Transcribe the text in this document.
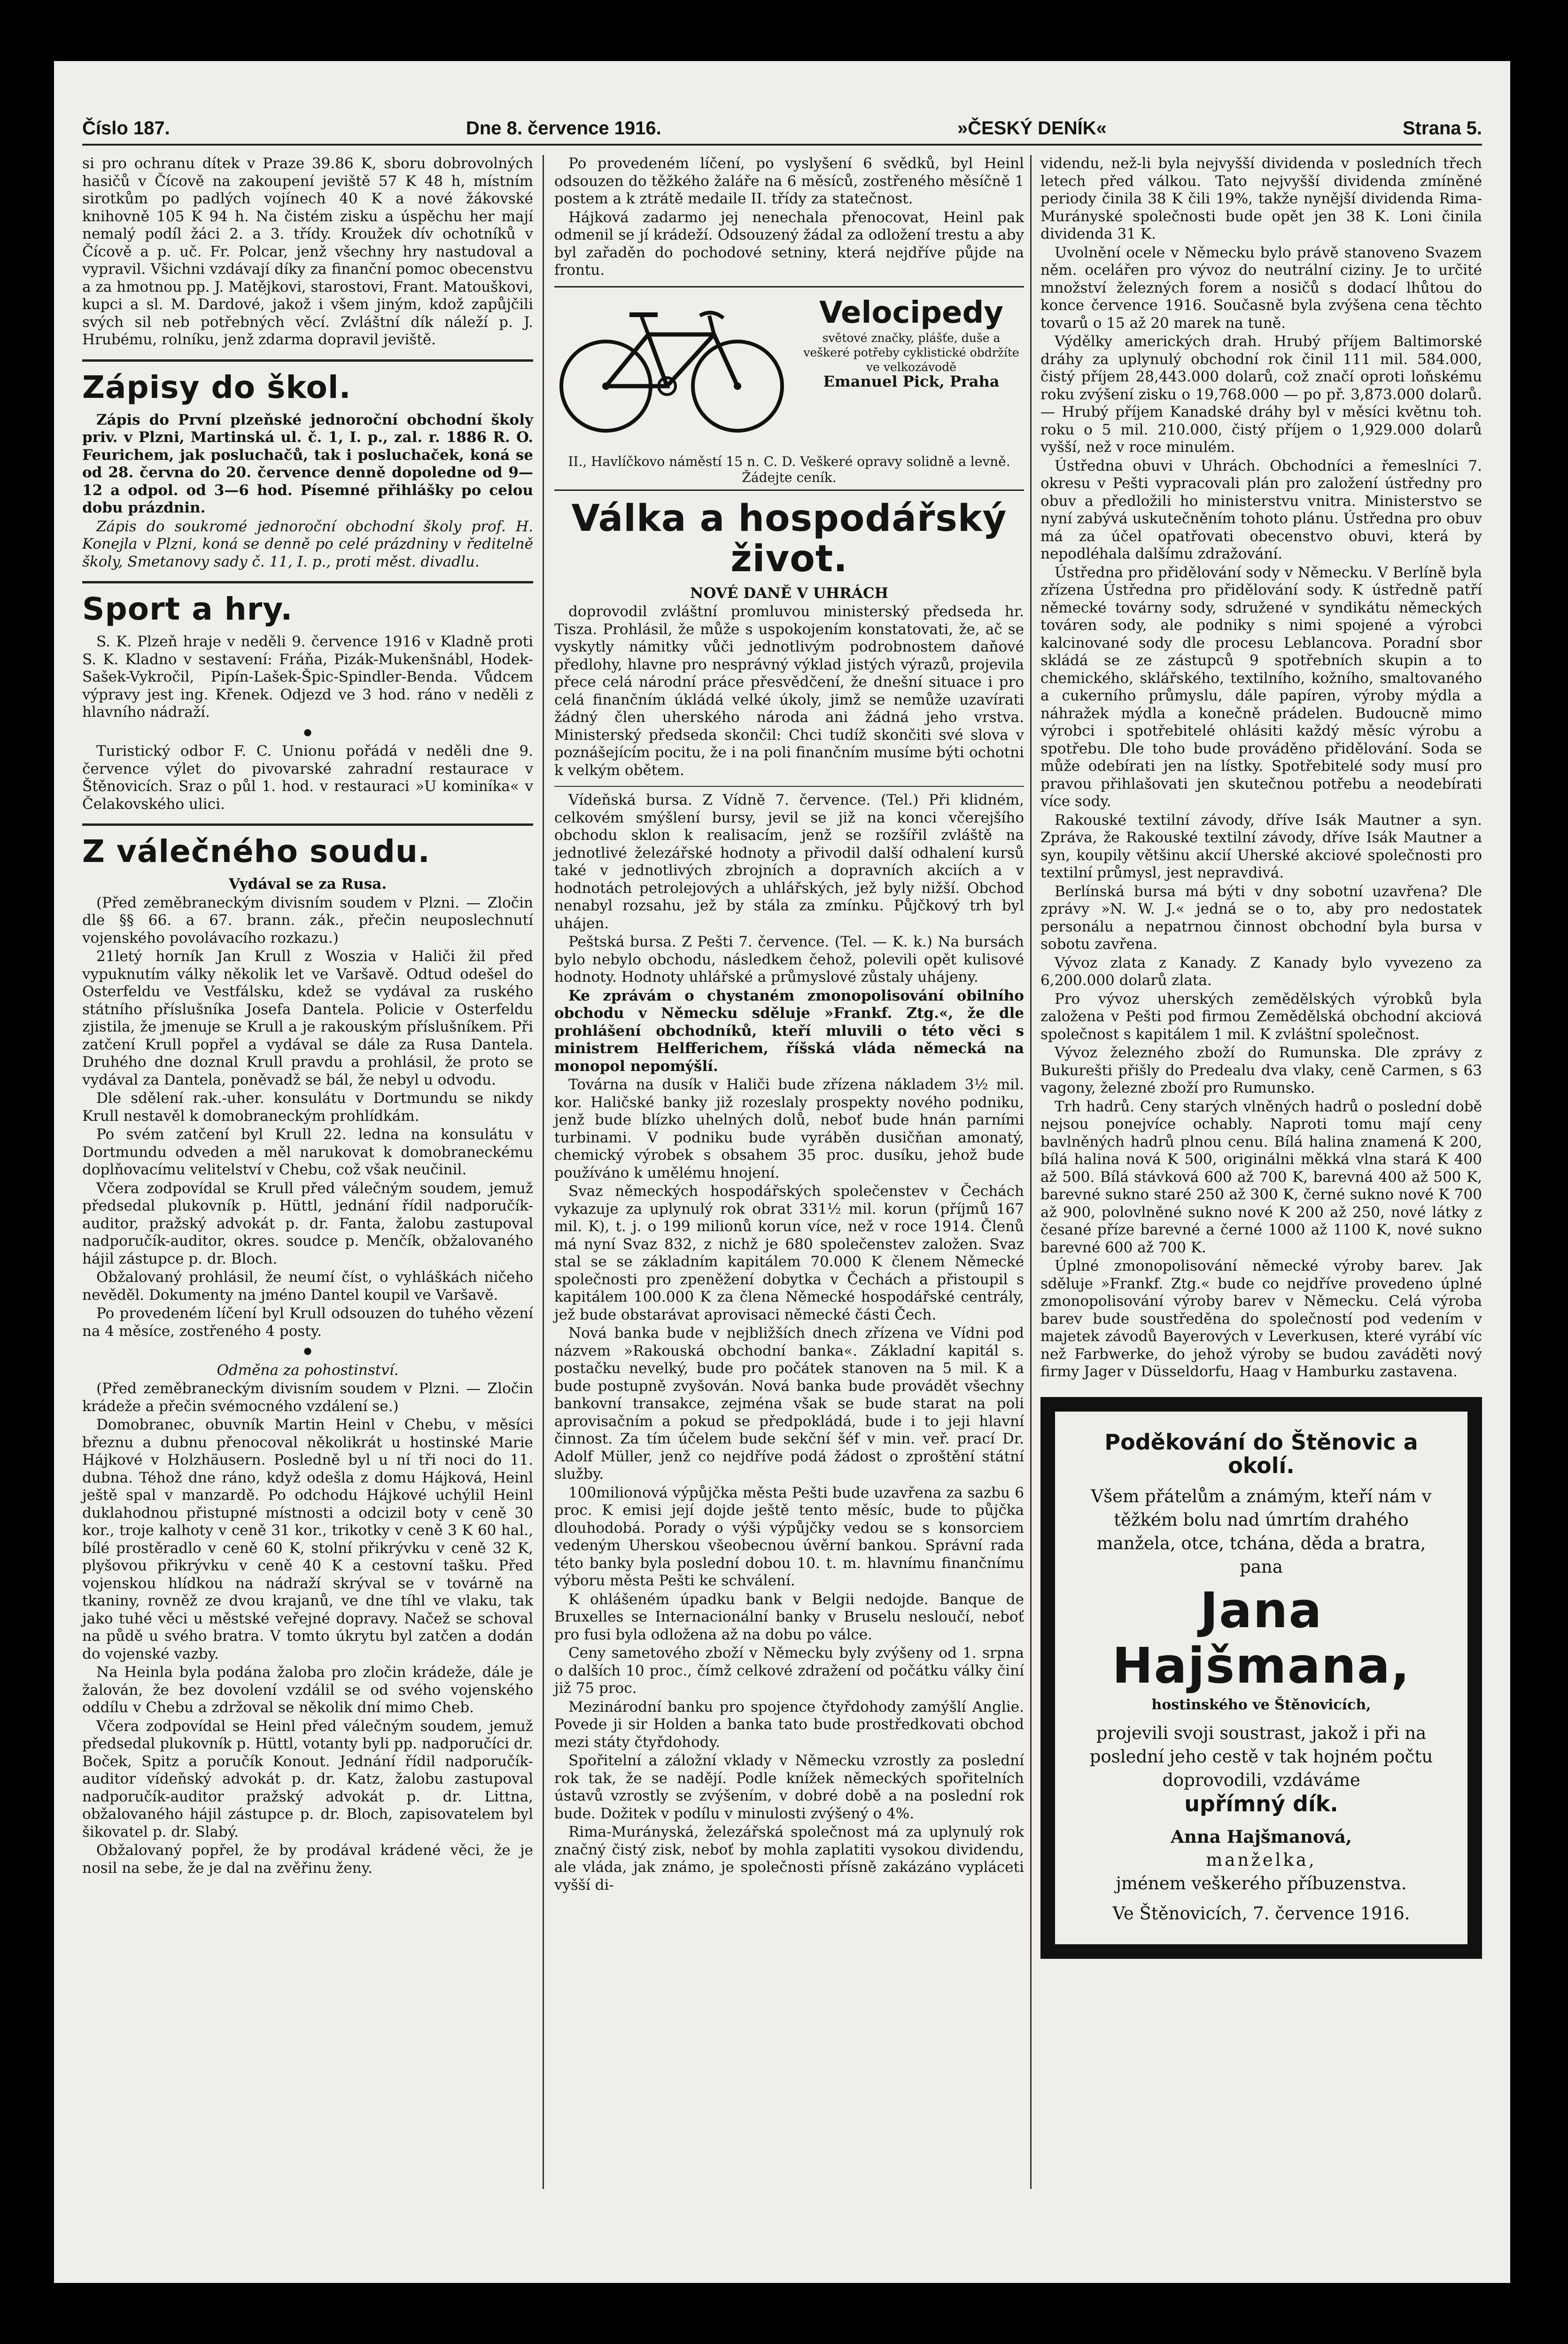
Číslo 187.	Dne 8. července 1916.	»ČESKÝ DENÍK«	Strana 5.

si pro ochranu dítek v Praze 39.86 K, sboru dobrovolných hasičů v Čícově na zakoupení jeviště 57 K 48 h, místním sirotkům po padlých vojínech 40 K a nové žákovské knihovně 105 K 94 h. Na čistém zisku a úspěchu her mají nemalý podíl žáci 2. a 3. třídy. Kroužek dív ochotníků v Čícově a p. uč. Fr. Polcar, jenž všechny hry nastudoval a vypravil. Všichni vzdávají díky za finanční pomoc obecenstvu a za hmotnou pp. J. Matějkovi, starostovi, Frant. Matouškovi, kupci a sl. M. Dardové, jakož i všem jiným, kdož zapůjčili svých sil neb potřebných věcí. Zvláštní dík náleží p. J. Hrubému, rolníku, jenž zdarma dopravil jeviště.

Zápisy do škol.

Zápis do První plzeňské jednoroční obchodní školy priv. v Plzni, Martinská ul. č. 1, I. p., zal. r. 1886 R. O. Feurichem, jak posluchačů, tak i posluchaček, koná se od 28. června do 20. července denně dopoledne od 9—12 a odpol. od 3—6 hod. Písemné přihlášky po celou dobu prázdnin.

Zápis do soukromé jednoroční obchodní školy prof. H. Konejla v Plzni, koná se denně po celé prázdniny v ředitelně školy, Smetanovy sady č. 11, I. p., proti měst. divadlu.

Sport a hry.

S. K. Plzeň hraje v neděli 9. července 1916 v Kladně proti S. K. Kladno v sestavení: Fráňa, Pizák-Mukenšnábl, Hodek-Sašek-Vykročil, Pipín-Lašek-Špic-Spindler-Benda. Vůdcem výpravy jest ing. Křenek. Odjezd ve 3 hod. ráno v neděli z hlavního nádraží.

●

Turistický odbor F. C. Unionu pořádá v neděli dne 9. července výlet do pivovarské zahradní restaurace v Štěnovicích. Sraz o půl 1. hod. v restauraci »U kominíka« v Čelakovského ulici.

Z válečného soudu.

Vydával se za Rusa.

(Před zeměbraneckým divisním soudem v Plzni. — Zločin dle §§ 66. a 67. brann. zák., přečin neuposlechnutí vojenského povolávacího rozkazu.)

21letý horník Jan Krull z Woszia v Haliči žil před vypuknutím války několik let ve Varšavě. Odtud odešel do Osterfeldu ve Vestfálsku, kdež se vydával za ruského státního příslušníka Josefa Dantela. Policie v Osterfeldu zjistila, že jmenuje se Krull a je rakouským příslušníkem. Při zatčení Krull popřel a vydával se dále za Rusa Dantela. Druhého dne doznal Krull pravdu a prohlásil, že proto se vydával za Dantela, poněvadž se bál, že nebyl u odvodu.

Dle sdělení rak.-uher. konsulátu v Dortmundu se nikdy Krull nestavěl k domobraneckým prohlídkám.

Po svém zatčení byl Krull 22. ledna na konsulátu v Dortmundu odveden a měl narukovat k domobraneckému doplňovacímu velitelství v Chebu, což však neučinil.

Včera zodpovídal se Krull před válečným soudem, jemuž předsedal plukovník p. Hüttl, jednání řídil nadporučík-auditor, pražský advokát p. dr. Fanta, žalobu zastupoval nadporučík-auditor, okres. soudce p. Menčík, obžalovaného hájil zástupce p. dr. Bloch.

Obžalovaný prohlásil, že neumí číst, o vyhláškách ničeho nevěděl. Dokumenty na jméno Dantel koupil ve Varšavě.

Po provedeném líčení byl Krull odsouzen do tuhého vězení na 4 měsíce, zostřeného 4 posty.

●

Odměna za pohostinství.

(Před zeměbraneckým divisním soudem v Plzni. — Zločin krádeže a přečin svémocného vzdálení se.)

Domobranec, obuvník Martin Heinl v Chebu, v měsíci březnu a dubnu přenocoval několikrát u hostinské Marie Hájkové v Holzhäusern. Posledně byl u ní tři noci do 11. dubna. Téhož dne ráno, když odešla z domu Hájková, Heinl ještě spal v manzardě. Po odchodu Hájkové uchýlil Heinl duklahodnou přistupné místnosti a odcizil boty v ceně 30 kor., troje kalhoty v ceně 31 kor., trikotky v ceně 3 K 60 hal., bílé prostěradlo v ceně 60 K, stolní přikrývku v ceně 32 K, plyšovou přikrývku v ceně 40 K a cestovní tašku. Před vojenskou hlídkou na nádraží skrýval se v továrně na tkaniny, rovněž ze dvou krajanů, ve dne tíhl ve vlaku, tak jako tuhé věci u městské veřejné dopravy. Načež se schoval na půdě u svého bratra. V tomto úkrytu byl zatčen a dodán do vojenské vazby.

Na Heinla byla podána žaloba pro zločin krádeže, dále je žalován, že bez dovolení vzdálil se od svého vojenského oddílu v Chebu a zdržoval se několik dní mimo Cheb.

Včera zodpovídal se Heinl před válečným soudem, jemuž předsedal plukovník p. Hüttl, votanty byli pp. nadporučíci dr. Boček, Spitz a poručík Konout. Jednání řídil nadporučík-auditor vídeňský advokát p. dr. Katz, žalobu zastupoval nadporučík-auditor pražský advokát p. dr. Littna, obžalovaného hájil zástupce p. dr. Bloch, zapisovatelem byl šikovatel p. dr. Slabý.

Obžalovaný popřel, že by prodával krádené věci, že je nosil na sebe, že je dal na zvěřinu ženy.

Po provedeném líčení, po vyslyšení 6 svědků, byl Heinl odsouzen do těžkého žaláře na 6 měsíců, zostřeného měsíčně 1 postem a k ztrátě medaile II. třídy za statečnost.

Hájková zadarmo jej nenechala přenocovat, Heinl pak odmenil se jí krádeží. Odsouzený žádal za odložení trestu a aby byl zařaděn do pochodové setniny, která nejdříve půjde na frontu.

Velocipedy
světové značky, plášťe, duše a veškeré potřeby cyklistické obdržíte ve velkozávodě
Emanuel Pick, Praha
II., Havlíčkovo náměstí 15 n. C. D. Veškeré opravy solidně a levně. Žádejte ceník.
Válka a hospodářský život.

NOVÉ DANĚ V UHRÁCH

doprovodil zvláštní promluvou ministerský předseda hr. Tisza. Prohlásil, že může s uspokojením konstatovati, že, ač se vyskytly námitky vůči jednotlivým podrobnostem daňové předlohy, hlavne pro nesprávný výklad jistých výrazů, projevila přece celá národní práce přesvědčení, že dnešní situace i pro celá finančním úkládá velké úkoly, jimž se nemůže uzavírati žádný člen uherského národa ani žádná jeho vrstva. Ministerský předseda skončil: Chci tudíž skončiti své slova v poznášejícím pocitu, že i na poli finančním musíme býti ochotni k velkým obětem.

Vídeňská bursa. Z Vídně 7. července. (Tel.) Při klidném, celkovém smýšlení bursy, jevil se již na konci včerejšího obchodu sklon k realisacím, jenž se rozšířil zvláště na jednotlivé železářské hodnoty a přivodil další odhalení kursů také v jednotlivých zbrojních a dopravních akciích a v hodnotách petrolejových a uhlářských, jež byly nižší. Obchod nenabyl rozsahu, jež by stála za zmínku. Půjčkový trh byl uhájen.

Peštská bursa. Z Pešti 7. července. (Tel. — K. k.) Na bursách bylo nebylo obchodu, následkem čehož, polevili opět kulisové hodnoty. Hodnoty uhlářské a průmyslové zůstaly uhájeny.

Ke zprávám o chystaném zmonopolisování obilního obchodu v Německu sděluje »Frankf. Ztg.«, že dle prohlášení obchodníků, kteří mluvili o této věci s ministrem Helfferichem, říšská vláda německá na monopol nepomýšlí.

Továrna na dusík v Haliči bude zřízena nákladem 3½ mil. kor. Haličské banky již rozeslaly prospekty nového podniku, jenž bude blízko uhelných dolů, neboť bude hnán parními turbinami. V podniku bude vyráběn dusičňan amonatý, chemický výrobek s obsahem 35 proc. dusíku, jehož bude používáno k umělému hnojení.

Svaz německých hospodářských společenstev v Čechách vykazuje za uplynulý rok obrat 331½ mil. korun (příjmů 167 mil. K), t. j. o 199 milionů korun více, než v roce 1914. Členů má nyní Svaz 832, z nichž je 680 společenstev založen. Svaz stal se se základním kapitálem 70.000 K členem Německé společnosti pro zpeněžení dobytka v Čechách a přistoupil s kapitálem 100.000 K za člena Německé hospodářské centrály, jež bude obstarávat aprovisaci německé části Čech.

Nová banka bude v nejbližších dnech zřízena ve Vídni pod názvem »Rakouská obchodní banka«. Základní kapitál s. postačku nevelký, bude pro počátek stanoven na 5 mil. K a bude postupně zvyšován. Nová banka bude provádět všechny bankovní transakce, zejména však se bude starat na poli aprovisačním a pokud se předpokládá, bude i to jeji hlavní činnost. Za tím účelem bude sekční šéf v min. veř. prací Dr. Adolf Müller, jenž co nejdříve podá žádost o zproštění státní služby.

100milionová výpůjčka města Pešti bude uzavřena za sazbu 6 proc. K emisi její dojde ještě tento měsíc, bude to půjčka dlouhodobá. Porady o výši výpůjčky vedou se s konsorciem vedeným Uherskou všeobecnou úvěrní bankou. Správní rada této banky byla poslední dobou 10. t. m. hlavnímu finančnímu výboru města Pešti ke schválení.

K ohlášeném úpadku bank v Belgii nedojde. Banque de Bruxelles se Internacionální banky v Bruselu nesloučí, neboť pro fusi byla odložena až na dobu po válce.

Ceny sametového zboží v Německu byly zvýšeny od 1. srpna o dalších 10 proc., čímž celkové zdražení od počátku války činí již 75 proc.

Mezinárodní banku pro spojence čtyřdohody zamýšlí Anglie. Povede ji sir Holden a banka tato bude prostředkovati obchod mezi státy čtyřdohody.

Spořitelní a záložní vklady v Německu vzrostly za poslední rok tak, že se nadějí. Podle knížek německých spořitelních ústavů vzrostly se zvýšením, v dobré době a na poslední rok bude. Dožitek v podílu v minulosti zvýšený o 4%.

Rima-Murányská, železářská společnost má za uplynulý rok značný čistý zisk, neboť by mohla zaplatiti vysokou dividendu, ale vláda, jak známo, je společnosti přísně zakázáno vypláceti vyšší di-

videndu, než-li byla nejvyšší dividenda v posledních třech letech před válkou. Tato nejvyšší dividenda zmíněné periody činila 38 K čili 19%, takže nynější dividenda Rima-Murányské společnosti bude opět jen 38 K. Loni činila dividenda 31 K.

Uvolnění ocele v Německu bylo právě stanoveno Svazem něm. ocelářen pro vývoz do neutrální ciziny. Je to určité množství železných forem a nosičů s dodací lhůtou do konce července 1916. Současně byla zvýšena cena těchto tovarů o 15 až 20 marek na tuně.

Výdělky amerických drah. Hrubý příjem Baltimorské dráhy za uplynulý obchodní rok činil 111 mil. 584.000, čistý příjem 28,443.000 dolarů, což značí oproti loňskému roku zvýšení zisku o 19,768.000 — po př. 3,873.000 dolarů. — Hrubý příjem Kanadské dráhy byl v měsíci květnu toh. roku o 5 mil. 210.000, čistý příjem o 1,929.000 dolarů vyšší, než v roce minulém.

Ústředna obuvi v Uhrách. Obchodníci a řemeslníci 7. okresu v Pešti vypracovali plán pro založení ústředny pro obuv a předložili ho ministerstvu vnitra. Ministerstvo se nyní zabývá uskutečněním tohoto plánu. Ústředna pro obuv má za účel opatřovati obecenstvo obuvi, která by nepodléhala dalšímu zdražování.

Ústředna pro přidělování sody v Německu. V Berlíně byla zřízena Ústředna pro přidělování sody. K ústředně patří německé továrny sody, sdružené v syndikátu německých továren sody, ale podniky s nimi spojené a výrobci kalcinované sody dle procesu Leblancova. Poradní sbor skládá se ze zástupců 9 spotřebních skupin a to chemického, sklářského, textilního, kožního, smaltovaného a cukerního průmyslu, dále papíren, výroby mýdla a náhražek mýdla a konečně prádelen. Budoucně mimo výrobci i spotřebitelé ohlásiti každý měsíc výrobu a spotřebu. Dle toho bude prováděno přidělování. Soda se může odebírati jen na lístky. Spotřebitelé sody musí pro pravou přihlašovati jen skutečnou potřebu a neodebírati více sody.

Rakouské textilní závody, dříve Isák Mautner a syn. Zpráva, že Rakouské textilní závody, dříve Isák Mautner a syn, koupily většinu akcií Uherské akciové společnosti pro textilní průmysl, jest nepravdivá.

Berlínská bursa má býti v dny sobotní uzavřena? Dle zprávy »N. W. J.« jedná se o to, aby pro nedostatek personálu a nepatrnou činnost obchodní byla bursa v sobotu zavřena.

Vývoz zlata z Kanady. Z Kanady bylo vyvezeno za 6,200.000 dolarů zlata.

Pro vývoz uherských zemědělských výrobků byla založena v Pešti pod firmou Zemědělská obchodní akciová společnost s kapitálem 1 mil. K zvláštní společnost.

Vývoz železného zboží do Rumunska. Dle zprávy z Bukurešti přišly do Predealu dva vlaky, ceně Carmen, s 63 vagony, železné zboží pro Rumunsko.

Trh hadrů. Ceny starých vlněných hadrů o poslední době nejsou ponejvíce ochably. Naproti tomu mají ceny bavlněných hadrů plnou cenu. Bílá halina znamená K 200, bílá halina nová K 500, originálni měkká vlna stará K 400 až 500. Bílá stávková 600 až 700 K, barevná 400 až 500 K, barevné sukno staré 250 až 300 K, černé sukno nové K 700 až 900, polovlněné sukno nové K 200 až 250, nové látky z česané příze barevné a černé 1000 až 1100 K, nové sukno barevné 600 až 700 K.

Úplné zmonopolisování německé výroby barev. Jak sděluje »Frankf. Ztg.« bude co nejdříve provedeno úplné zmonopolisování výroby barev v Německu. Celá výroba barev bude soustředěna do společností pod vedením v majetek závodů Bayerových v Leverkusen, které vyrábí víc než Farbwerke, do jehož výroby se budou zaváděti nový firmy Jager v Düsseldorfu, Haag v Hamburku zastavena.

Poděkování do Štěnovic a okolí.
Všem přátelům a známým, kteří nám v těžkém bolu nad úmrtím drahého manžela, otce, tchána, děda a bratra, pana
Jana Hajšmana,
hostinského ve Štěnovicích,
projevili svoji soustrast, jakož i při na poslední jeho cestě v tak hojném počtu doprovodili, vzdáváme
upřímný dík.
Anna Hajšmanová,
manželka,
jménem veškerého příbuzenstva.
Ve Štěnovicích, 7. července 1916.
